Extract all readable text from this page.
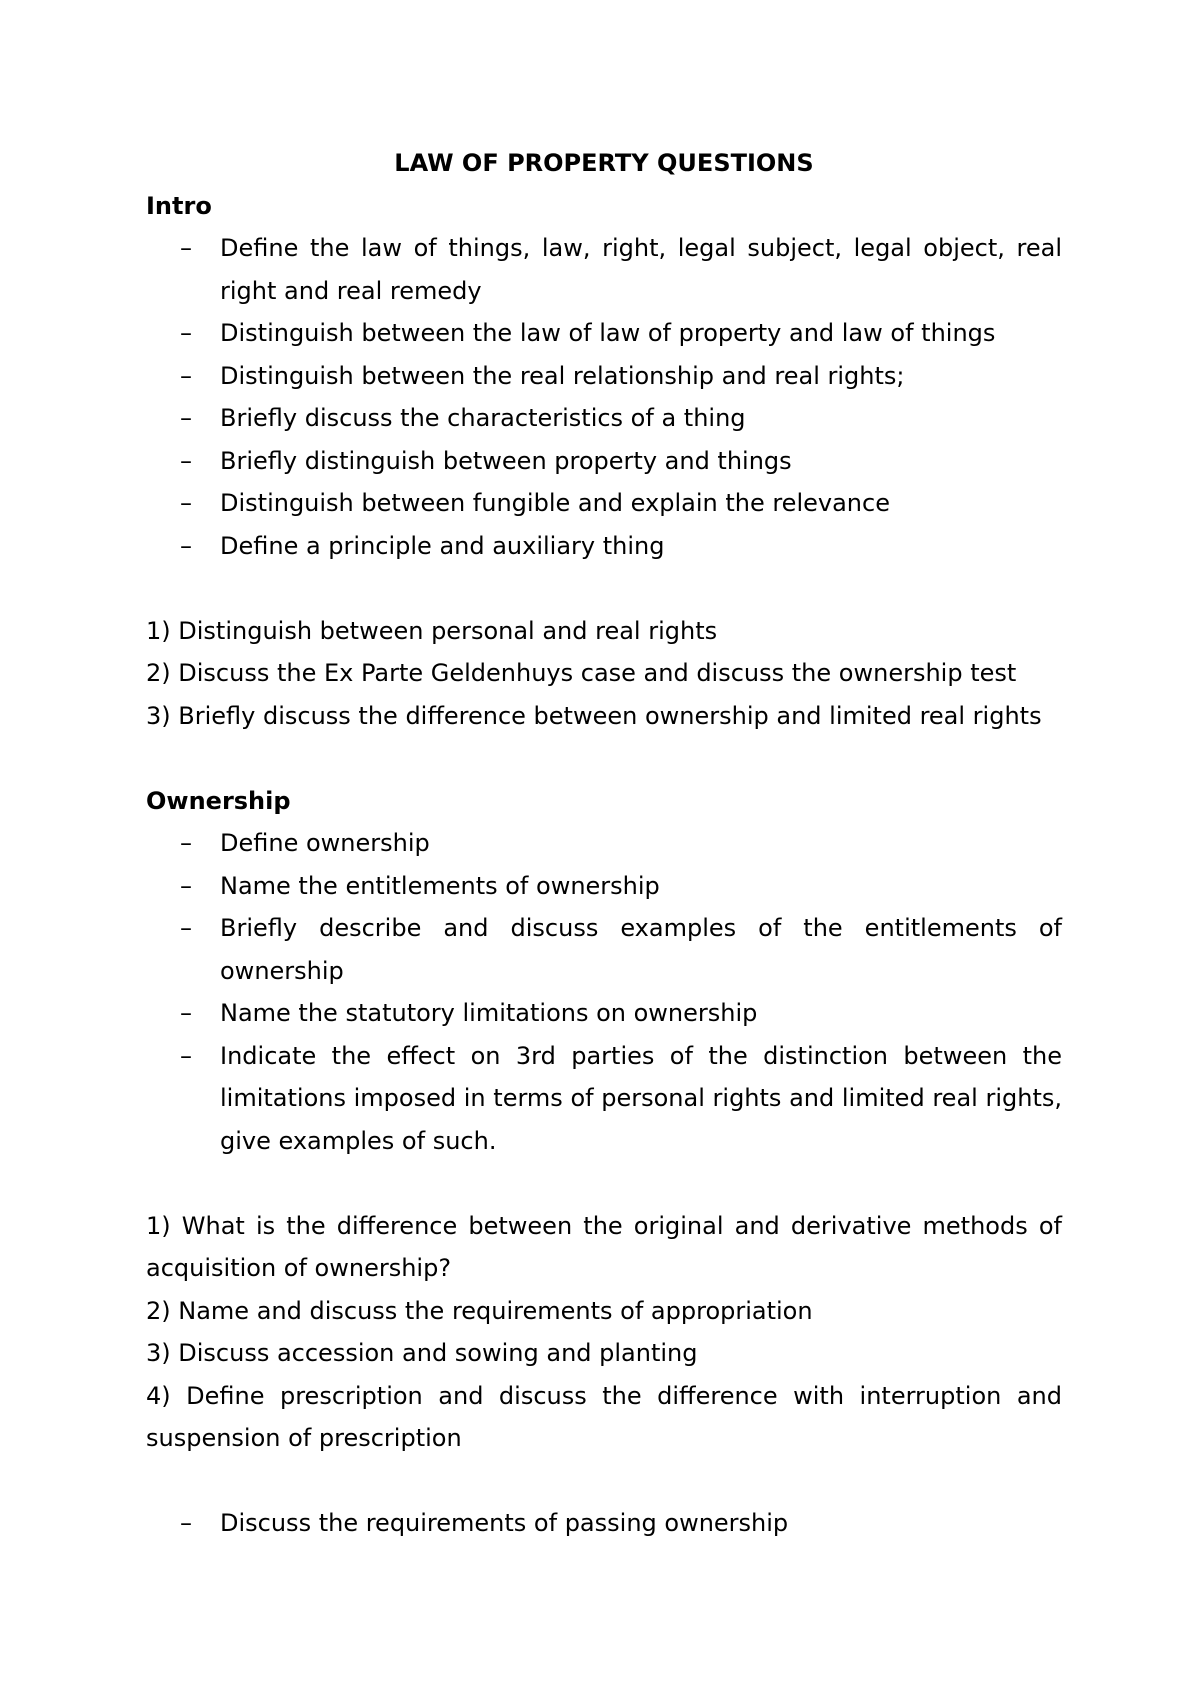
LAW OF PROPERTY QUESTIONS

Intro

– Define the law of things, law, right, legal subject, legal object, real right and real remedy
– Distinguish between the law of law of property and law of things
– Distinguish between the real relationship and real rights;
– Briefly discuss the characteristics of a thing
– Briefly distinguish between property and things
– Distinguish between fungible and explain the relevance
– Define a principle and auxiliary thing

1) Distinguish between personal and real rights

2) Discuss the Ex Parte Geldenhuys case and discuss the ownership test

3) Briefly discuss the difference between ownership and limited real rights

Ownership

– Define ownership
– Name the entitlements of ownership
– Briefly describe and discuss examples of the entitlements of ownership
– Name the statutory limitations on ownership
– Indicate the effect on 3rd parties of the distinction between the limitations imposed in terms of personal rights and limited real rights, give examples of such.

1) What is the difference between the original and derivative methods of acquisition of ownership?

2) Name and discuss the requirements of appropriation

3) Discuss accession and sowing and planting

4) Define prescription and discuss the difference with interruption and suspension of prescription

– Discuss the requirements of passing ownership
